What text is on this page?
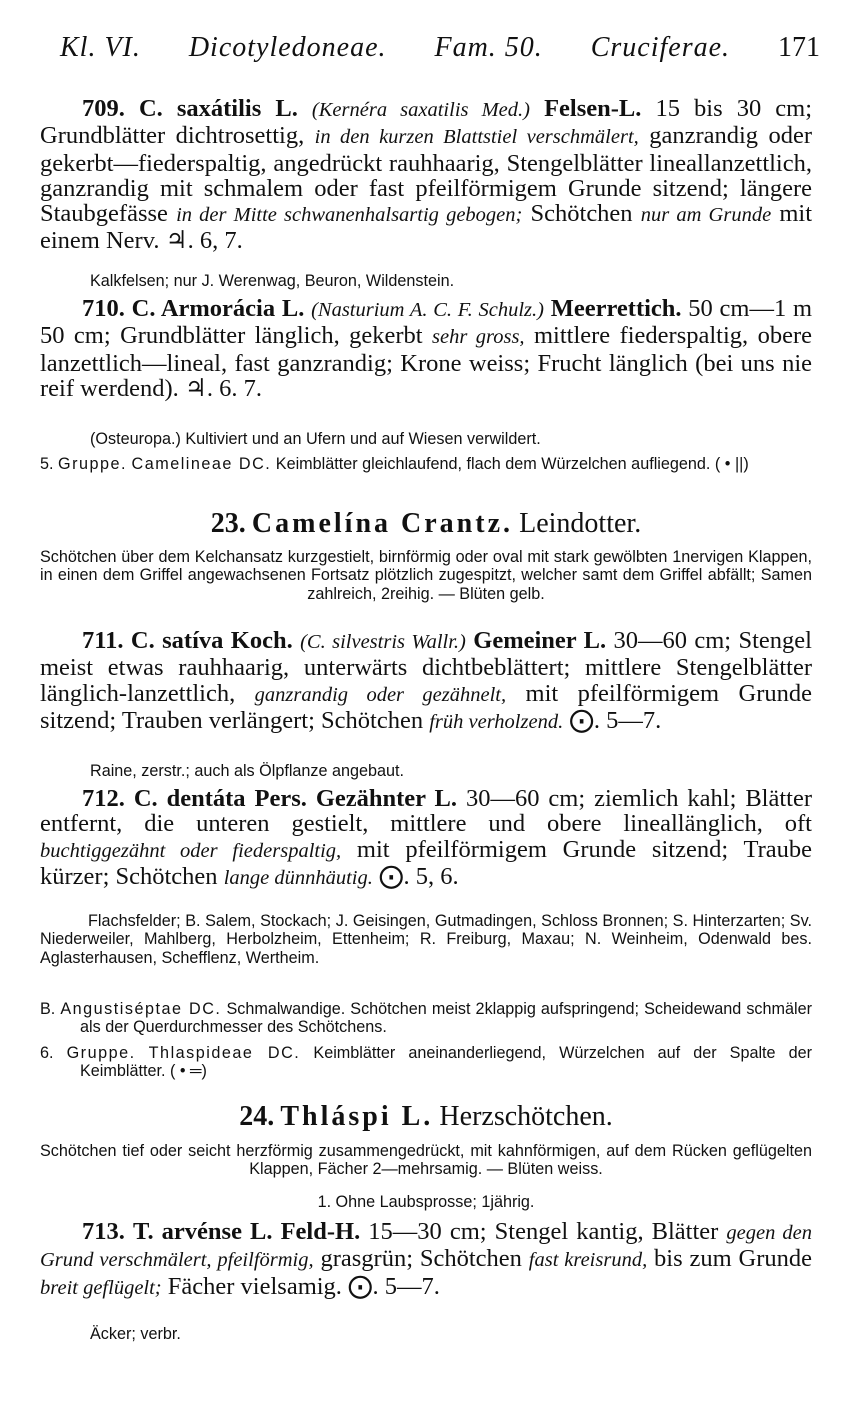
Kl. VI. Dicotyledoneae. Fam. 50. Cruciferae. 171

709. C. saxátilis L. (Kernéra saxatilis Med.) Felsen-L. 15 bis 30 cm; Grundblätter dichtrosettig, in den kurzen Blattstiel verschmälert, ganzrandig oder gekerbt—fiederspaltig, angedrückt rauhhaarig, Stengelblätter lineallanzettlich, ganzrandig mit schmalem oder fast pfeilförmigem Grunde sitzend; längere Staubgefässe in der Mitte schwanenhalsartig gebogen; Schötchen nur am Grunde mit einem Nerv. ♃. 6, 7.

Kalkfelsen; nur J. Werenwag, Beuron, Wildenstein.

710. C. Armorácia L. (Nasturium A. C. F. Schulz.) Meerrettich. 50 cm—1 m 50 cm; Grundblätter länglich, gekerbt sehr gross, mittlere fiederspaltig, obere lanzettlich—lineal, fast ganzrandig; Krone weiss; Frucht länglich (bei uns nie reif werdend). ♃. 6. 7.

(Osteuropa.) Kultiviert und an Ufern und auf Wiesen verwildert.

5. Gruppe. Camelineae DC. Keimblätter gleichlaufend, flach dem Würzelchen aufliegend. ( • ||)

23. Camelína Crantz. Leindotter.

Schötchen über dem Kelchansatz kurzgestielt, birnförmig oder oval mit stark gewölbten 1nervigen Klappen, in einen dem Griffel angewachsenen Fortsatz plötzlich zugespitzt, welcher samt dem Griffel abfällt; Samen zahlreich, 2reihig. — Blüten gelb.

711. C. satíva Koch. (C. silvestris Wallr.) Gemeiner L. 30—60 cm; Stengel meist etwas rauhhaarig, unterwärts dichtbeblättert; mittlere Stengelblätter länglich-lanzettlich, ganzrandig oder gezähnelt, mit pfeilförmigem Grunde sitzend; Trauben verlängert; Schötchen früh verholzend. ⨀. 5—7.

Raine, zerstr.; auch als Ölpflanze angebaut.

712. C. dentáta Pers. Gezähnter L. 30—60 cm; ziemlich kahl; Blätter entfernt, die unteren gestielt, mittlere und obere lineallänglich, oft buchtiggezähnt oder fiederspaltig, mit pfeilförmigem Grunde sitzend; Traube kürzer; Schötchen lange dünnhäutig. ⨀. 5, 6.

Flachsfelder; B. Salem, Stockach; J. Geisingen, Gutmadingen, Schloss Bronnen; S. Hinterzarten; Sv. Niederweiler, Mahlberg, Herbolzheim, Ettenheim; R. Freiburg, Maxau; N. Weinheim, Odenwald bes. Aglasterhausen, Schefflenz, Wertheim.

B. Angustiséptae DC. Schmalwandige. Schötchen meist 2klappig aufspringend; Scheidewand schmäler als der Querdurchmesser des Schötchens.

6. Gruppe. Thlaspideae DC. Keimblätter aneinanderliegend, Würzelchen auf der Spalte der Keimblätter. ( • ═)

24. Thláspi L. Herzschötchen.

Schötchen tief oder seicht herzförmig zusammengedrückt, mit kahnförmigen, auf dem Rücken geflügelten Klappen, Fächer 2—mehrsamig. — Blüten weiss.

1. Ohne Laubsprosse; 1jährig.

713. T. arvénse L. Feld-H. 15—30 cm; Stengel kantig, Blätter gegen den Grund verschmälert, pfeilförmig, grasgrün; Schötchen fast kreisrund, bis zum Grunde breit geflügelt; Fächer vielsamig. ⨀. 5—7.

Äcker; verbr.
